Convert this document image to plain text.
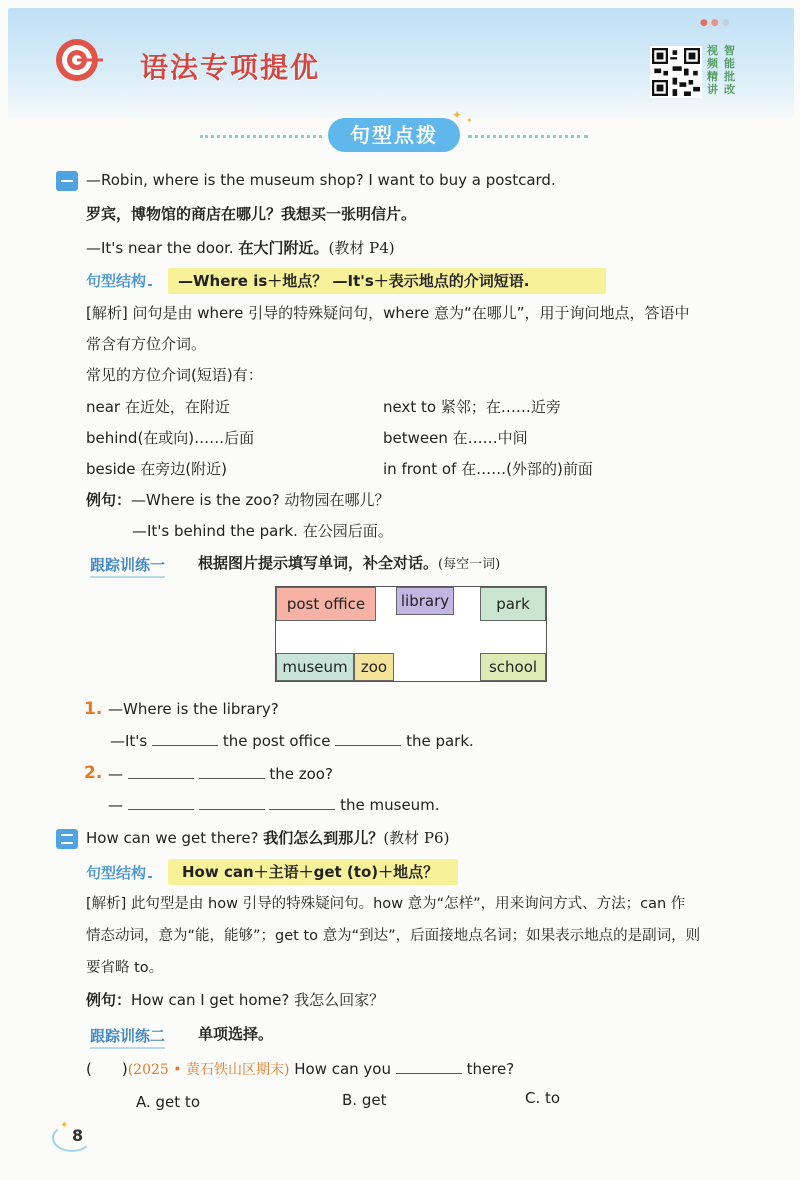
●●●
语法专项提优
视 智
频 能
精 批
讲 改
句型点拨
✦ ✦
—Robin, where is the museum shop? I want to buy a postcard.
罗宾，博物馆的商店在哪儿？我想买一张明信片。
—It's near the door. 在大门附近。(教材 P4)
句型结构	—Where is＋地点？ —It's＋表示地点的介词短语.
[解析] 问句是由 where 引导的特殊疑问句，where 意为“在哪儿”，用于询问地点，答语中
常含有方位介词。
常见的方位介词(短语)有：
near 在近处，在附近	next to 紧邻；在……近旁
behind(在或向)……后面	between 在……中间
beside 在旁边(附近)	in front of 在……(外部的)前面
例句：—Where is the zoo? 动物园在哪儿？
—It's behind the park. 在公园后面。
跟踪训练一 根据图片提示填写单词，补全对话。(每空一词)
post office	library	park
museum zoo	school
1. —Where is the library?
—It's	the post office	the park.
2. —	the zoo?
—	the museum.
How can we get there? 我们怎么到那儿？(教材 P6)
句型结构	How can＋主语＋get (to)＋地点？
[解析] 此句型是由 how 引导的特殊疑问句。how 意为“怎样”，用来询问方式、方法；can 作
情态动词，意为“能，能够”；get to 意为“到达”，后面接地点名词；如果表示地点的是副词，则
要省略 to。
例句：How can I get home? 我怎么回家？
跟踪训练二 单项选择。
(　　)(2025 • 黄石铁山区期末) How can you	there?
A. get to	B. get	C. to
✦
8
